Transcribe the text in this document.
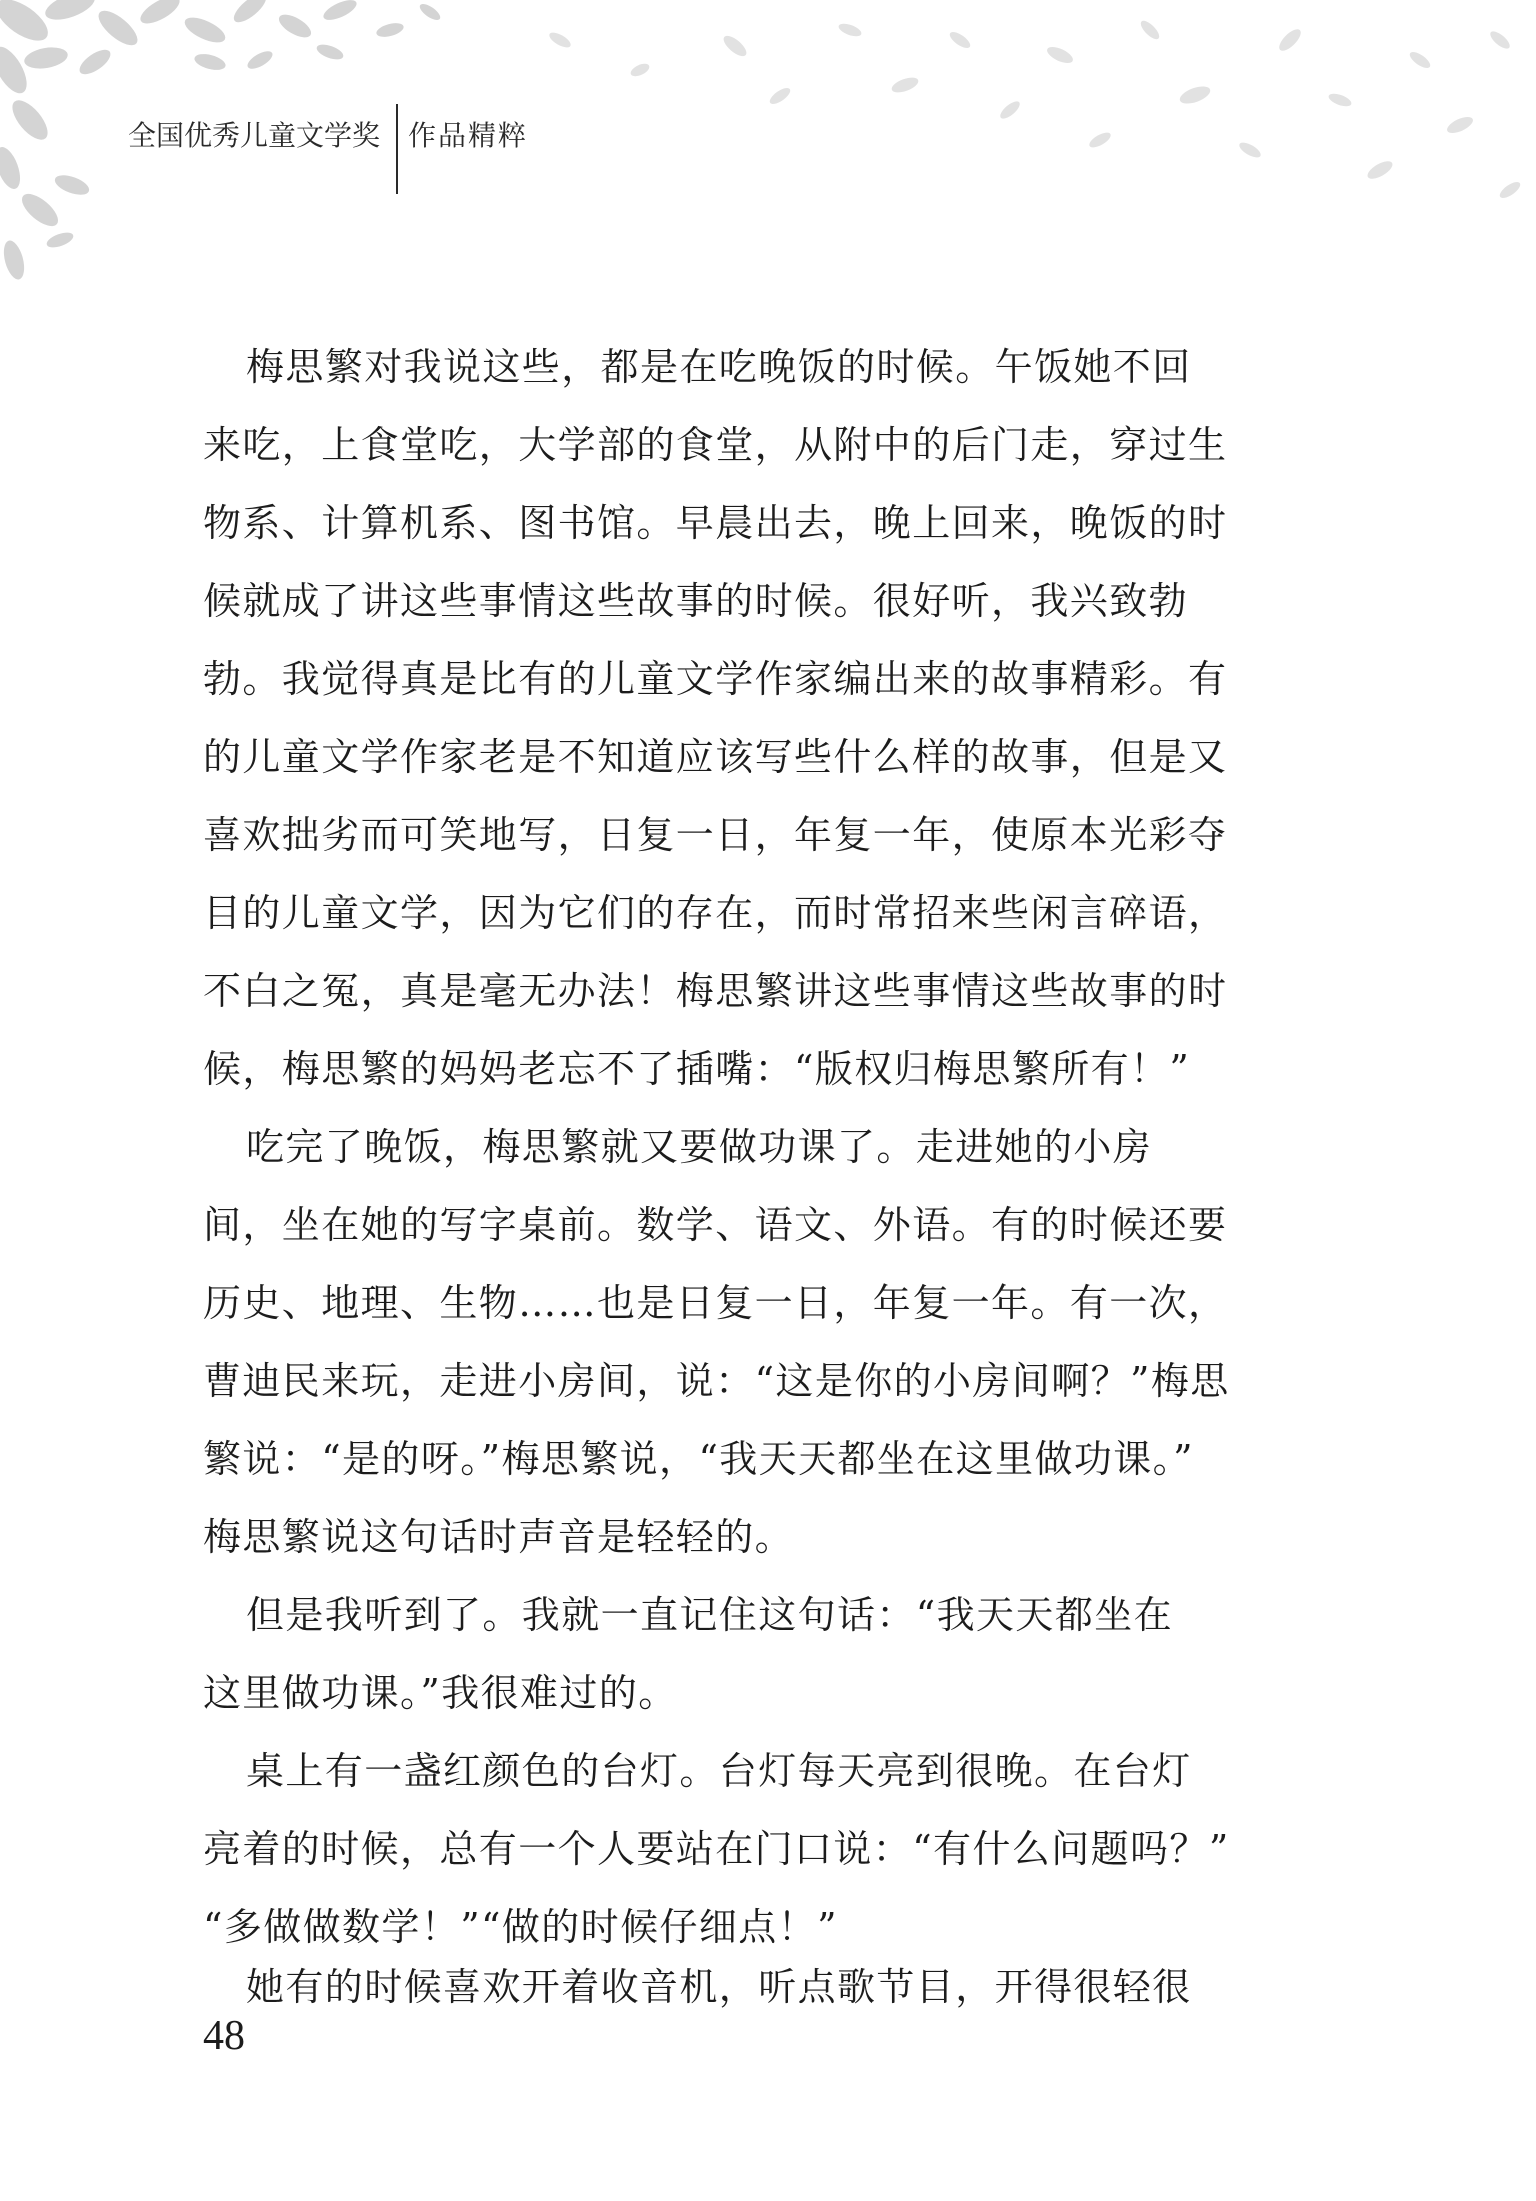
全国优秀儿童文学奖 作品精粹
梅思繁对我说这些，都是在吃晚饭的时候。午饭她不回
来吃，上食堂吃，大学部的食堂，从附中的后门走，穿过生
物系、计算机系、图书馆。早晨出去，晚上回来，晚饭的时
候就成了讲这些事情这些故事的时候。很好听，我兴致勃
勃。我觉得真是比有的儿童文学作家编出来的故事精彩。有
的儿童文学作家老是不知道应该写些什么样的故事，但是又
喜欢拙劣而可笑地写，日复一日，年复一年，使原本光彩夺
目的儿童文学，因为它们的存在，而时常招来些闲言碎语，
不白之冤，真是毫无办法！梅思繁讲这些事情这些故事的时
候，梅思繁的妈妈老忘不了插嘴：“版权归梅思繁所有！”
吃完了晚饭，梅思繁就又要做功课了。走进她的小房
间，坐在她的写字桌前。数学、语文、外语。有的时候还要
历史、地理、生物……也是日复一日，年复一年。有一次，
曹迪民来玩，走进小房间，说：“这是你的小房间啊？”梅思
繁说：“是的呀。”梅思繁说，“我天天都坐在这里做功课。”
梅思繁说这句话时声音是轻轻的。
但是我听到了。我就一直记住这句话：“我天天都坐在
这里做功课。”我很难过的。
桌上有一盏红颜色的台灯。台灯每天亮到很晚。在台灯
亮着的时候，总有一个人要站在门口说：“有什么问题吗？”
“多做做数学！”“做的时候仔细点！”
她有的时候喜欢开着收音机，听点歌节目，开得很轻很
48
